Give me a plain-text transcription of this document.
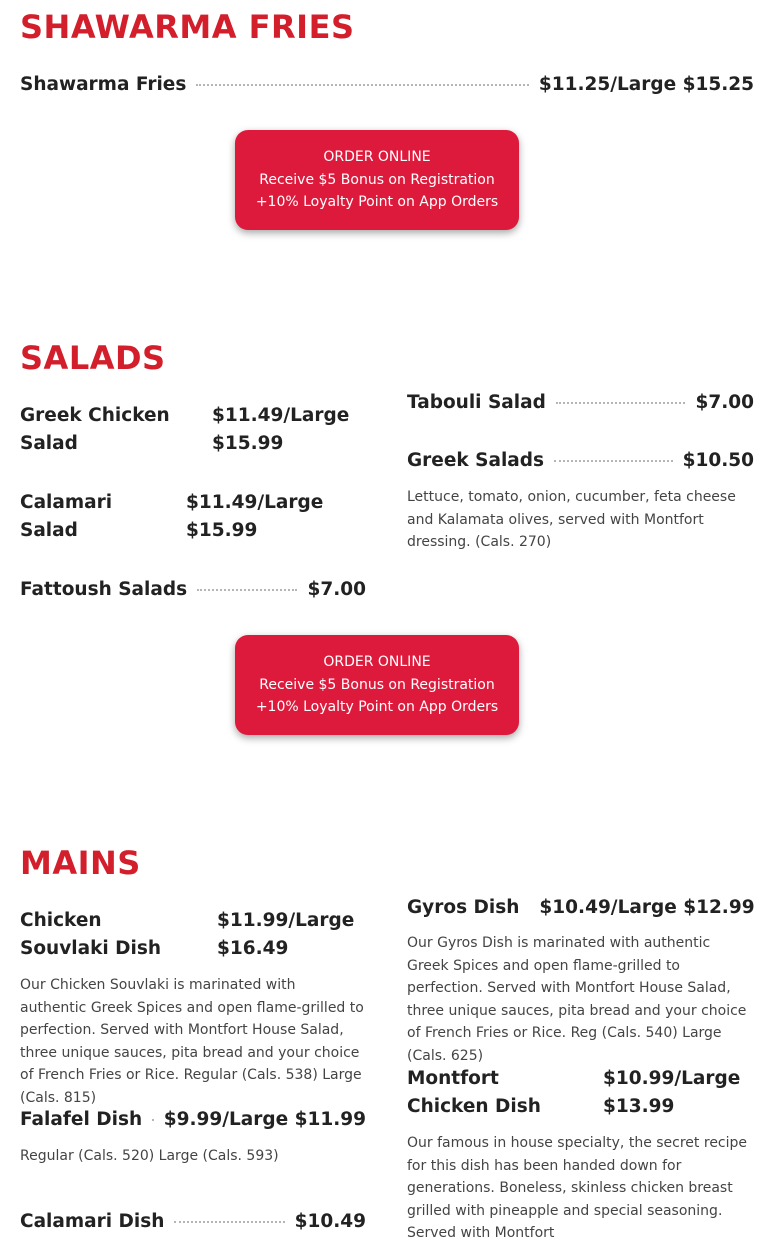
SHAWARMA FRIES
Shawarma Fries	$11.25/Large $15.25
ORDER ONLINE
Receive $5 Bonus on Registration
+10% Loyalty Point on App Orders
SALADS
Greek Chicken Salad
$11.49/Large $15.99
Calamari Salad
$11.49/Large $15.99
Fattoush Salads	$7.00
Tabouli Salad	$7.00
Greek Salads	$10.50

Lettuce, tomato, onion, cucumber, feta cheese and Kalamata olives, served with Montfort dressing. (Cals. 270)

ORDER ONLINE
Receive $5 Bonus on Registration
+10% Loyalty Point on App Orders
MAINS
Chicken Souvlaki Dish
$11.99/Large $16.49

Our Chicken Souvlaki is marinated with authentic Greek Spices and open flame-grilled to perfection. Served with Montfort House Salad, three unique sauces, pita bread and your choice of French Fries or Rice. Regular (Cals. 538) Large (Cals. 815)

Falafel Dish $9.99/Large $11.99

Regular (Cals. 520) Large (Cals. 593)

Calamari Dish	$10.49
Gyros Dish $10.49/Large $12.99

Our Gyros Dish is marinated with authentic Greek Spices and open flame-grilled to perfection. Served with Montfort House Salad, three unique sauces, pita bread and your choice of French Fries or Rice. Reg (Cals. 540) Large (Cals. 625)

Montfort Chicken Dish
$10.99/Large $13.99

Our famous in house specialty, the secret recipe for this dish has been handed down for generations. Boneless, skinless chicken breast grilled with pineapple and special seasoning. Served with Montfort
